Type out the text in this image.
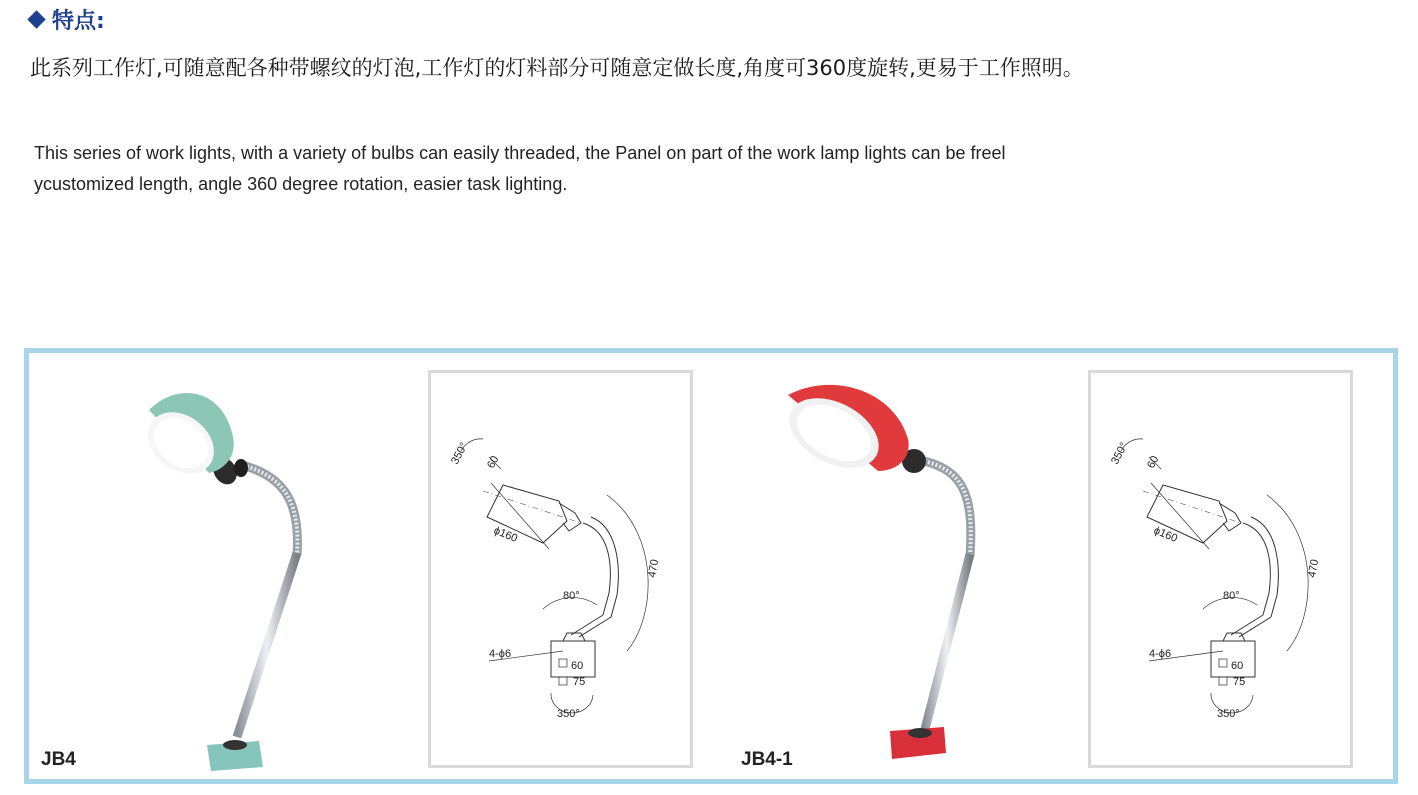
特点:
此系列工作灯,可随意配各种带螺纹的灯泡,工作灯的灯料部分可随意定做长度,角度可360度旋转,更易于工作照明。
This series of work lights, with a variety of bulbs can easily threaded, the Panel on part of the work lamp lights can be freel
ycustomized length, angle 360 degree rotation, easier task lighting.
JB4
350° 60
ϕ160
470
80°
4-ϕ6
60
75
350°
JB4-1
350° 60
ϕ160
470
80°
4-ϕ6
60
75
350°
